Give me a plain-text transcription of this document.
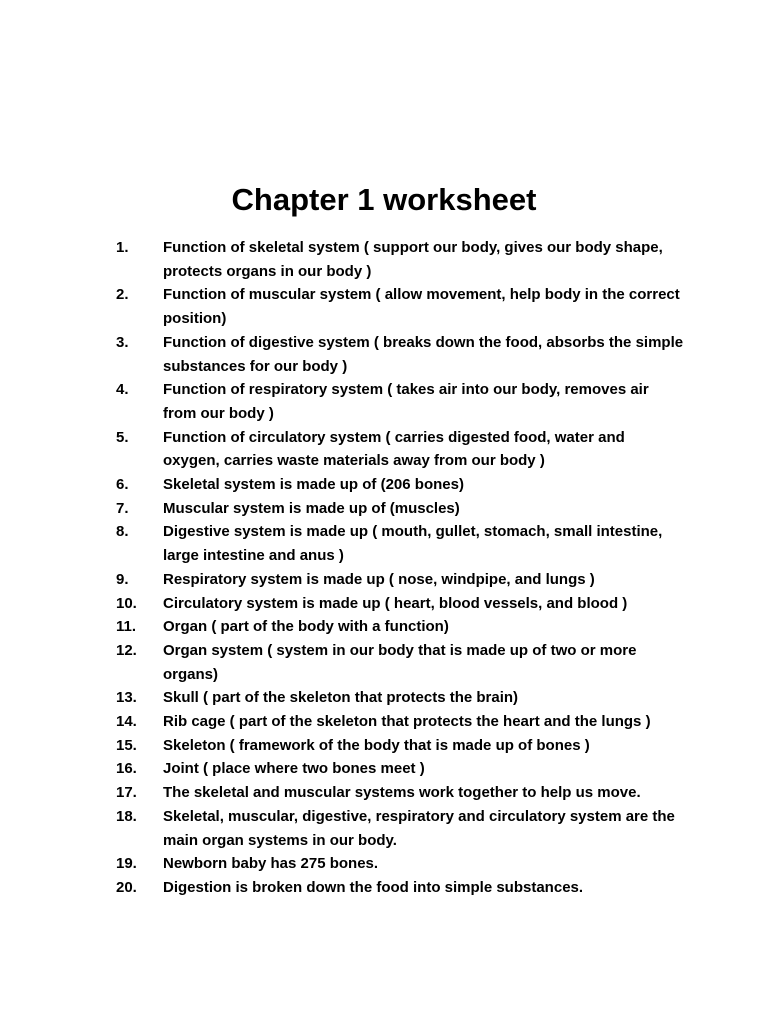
Chapter 1 worksheet
1. Function of skeletal system ( support our body, gives our body shape, protects organs in our body )
2. Function of muscular system ( allow movement, help body in the correct position)
3. Function of digestive system ( breaks down the food, absorbs the simple substances for our body )
4. Function of respiratory system ( takes air into our body, removes air from our body )
5. Function of circulatory system ( carries digested food, water and oxygen, carries waste materials away from our body )
6. Skeletal system is made up of (206 bones)
7. Muscular system is made up of (muscles)
8. Digestive system is made up ( mouth, gullet, stomach, small intestine, large intestine and anus )
9. Respiratory system is made up ( nose, windpipe, and lungs )
10. Circulatory system is made up ( heart, blood vessels, and blood )
11. Organ ( part of the body with a function)
12. Organ system ( system in our body that is made up of two or more organs)
13. Skull ( part of the skeleton that protects the brain)
14. Rib cage ( part of the skeleton that protects the heart and the lungs )
15. Skeleton ( framework of the body that is made up of bones )
16. Joint ( place where two bones meet )
17. The skeletal and muscular systems work together to help us move.
18. Skeletal, muscular, digestive, respiratory and circulatory system are the main organ systems in our body.
19. Newborn baby has 275 bones.
20. Digestion is broken down the food into simple substances.
